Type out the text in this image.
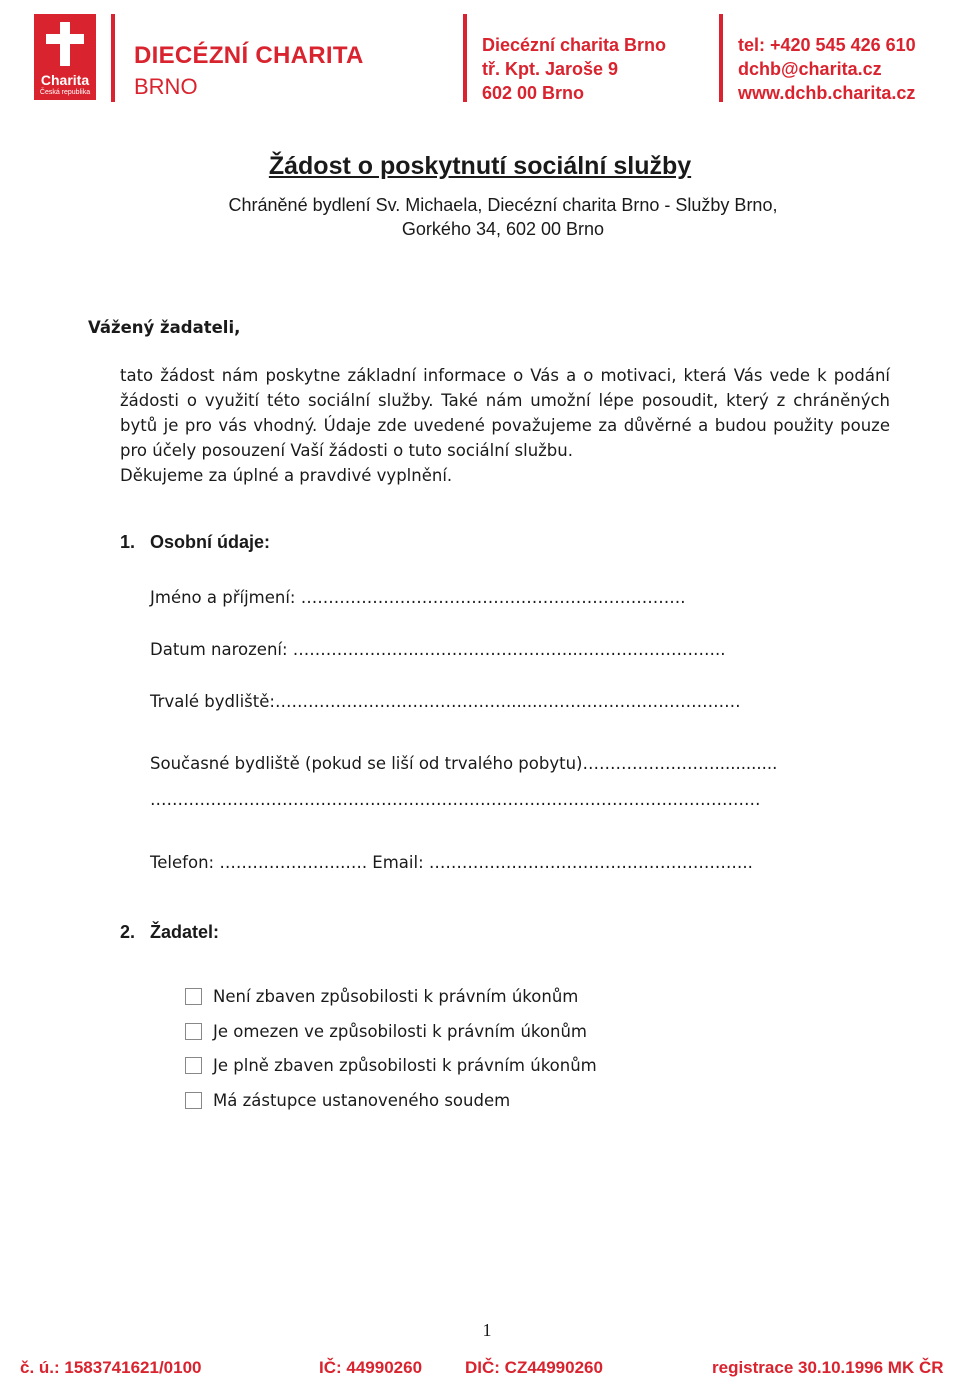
Charita
Česká republika
DIECÉZNÍ CHARITA
BRNO
Diecézní charita Brno
tř. Kpt. Jaroše 9
602 00 Brno
tel: +420 545 426 610
dchb@charita.cz
www.dchb.charita.cz
Žádost o poskytnutí sociální služby
Chráněné bydlení Sv. Michaela, Diecézní charita Brno - Služby Brno,
Gorkého 34, 602 00 Brno
Vážený žadateli,

tato žádost nám poskytne základní informace o Vás a o motivaci, která Vás vede k podání žádosti o využití této sociální služby. Také nám umožní lépe posoudit, který z chráněných bytů je pro vás vhodný. Údaje zde uvedené považujeme za důvěrné a budou použity pouze pro účely posouzení Vaší žádosti o tuto sociální službu.

Děkujeme za úplné a pravdivé vyplnění.

1. Osobní údaje:
Jméno a příjmení: …………………………………………………………….
Datum narození: …………………..………………………...……………………..
Trvalé bydliště:…………………………………….......………………………………
Současné bydliště (pokud se liší od trvalého pobytu)……………………............
…………………………………………………………………………………………………
Telefon: …………………..…. Email: …………………………………………………..
2. Žadatel:
Není zbaven způsobilosti k právním úkonům
Je omezen ve způsobilosti k právním úkonům
Je plně zbaven způsobilosti k právním úkonům
Má zástupce ustanoveného soudem
1
č. ú.: 1583741621/0100	IČ: 44990260	DIČ: CZ44990260	registrace 30.10.1996 MK ČR
